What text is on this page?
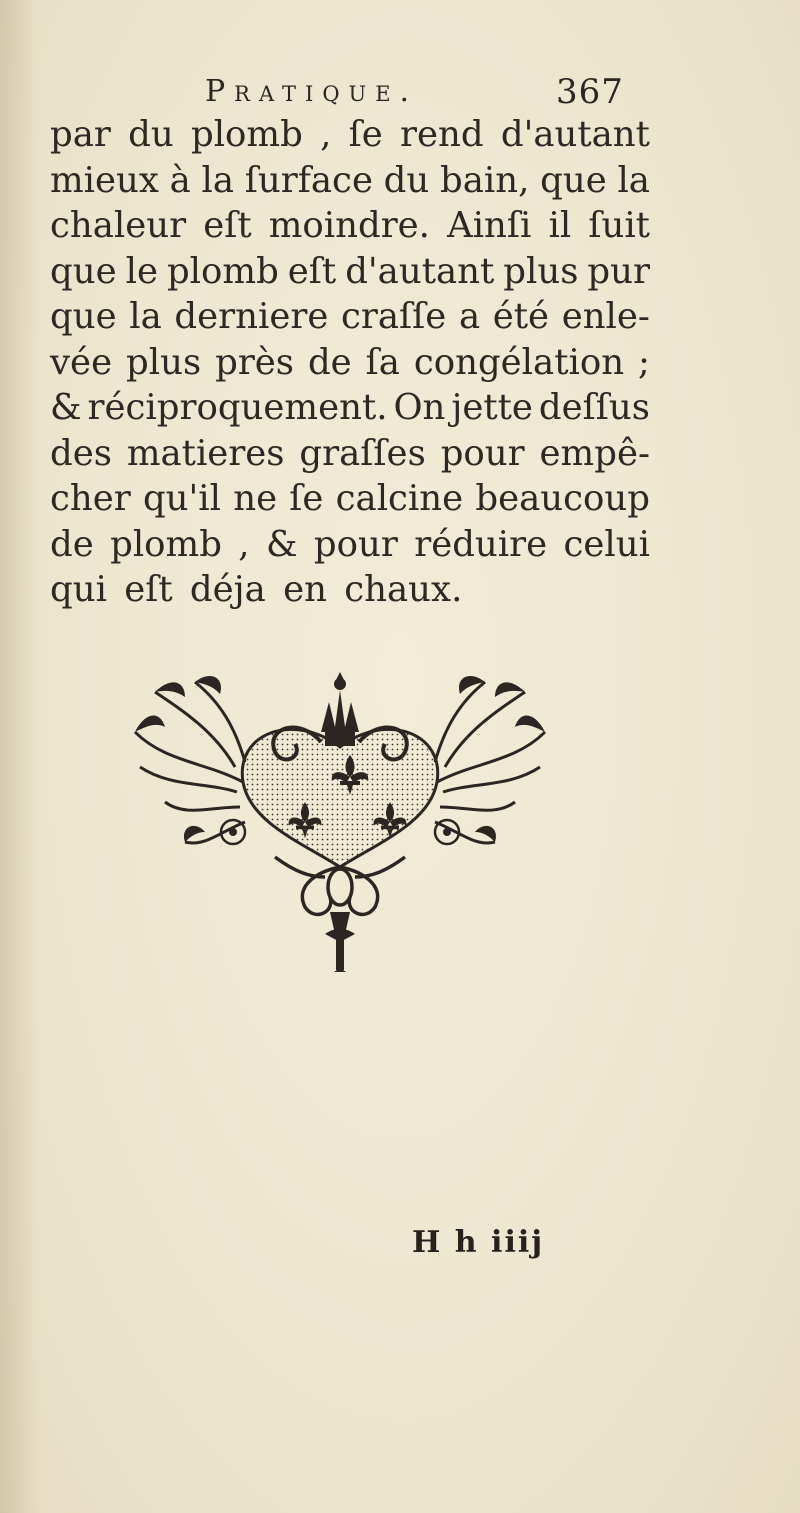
Pratique.	367
par du plomb , ſe rend d'autant
mieux à la ſurface du bain, que la
chaleur eſt moindre. Ainſi il ſuit
que le plomb eſt d'autant plus pur
que la derniere craſſe a été enle-
vée plus près de ſa congélation ;
& réciproquement. On jette deſſus
des matieres graſſes pour empê-
cher qu'il ne ſe calcine beaucoup
de plomb , & pour réduire celui
qui eſt déja en chaux.
H h iiij
